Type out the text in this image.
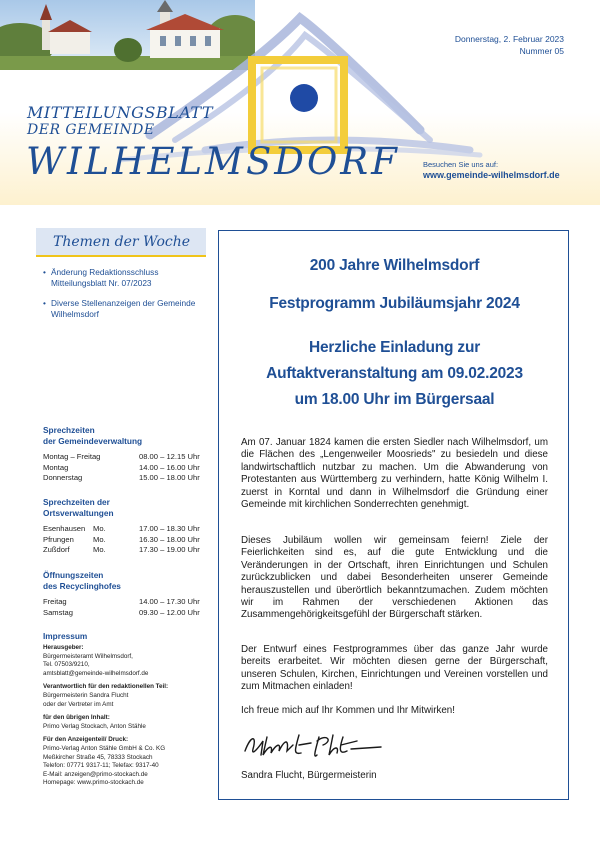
Donnerstag, 2. Februar 2023
Nummer 05
MITTEILUNGSBLATT
DER GEMEINDE
WILHELMSDORF	Besuchen Sie uns auf:
www.gemeinde-wilhelmsdorf.de
Themen der Woche
• Änderung Redaktionsschluss Mitteilungsblatt Nr. 07/2023
• Diverse Stellenanzeigen der Gemeinde Wilhelmsdorf
Sprechzeiten
der Gemeindeverwaltung
Montag – Freitag	08.00 – 12.15 Uhr
Montag	14.00 – 16.00 Uhr
Donnerstag	15.00 – 18.00 Uhr
Sprechzeiten der
Ortsverwaltungen
Esenhausen	Mo.	17.00 – 18.30 Uhr
Pfrungen	Mo.	16.30 – 18.00 Uhr
Zußdorf	Mo.	17.30 – 19.00 Uhr
Öffnungszeiten
des Recyclinghofes
Freitag	14.00 – 17.30 Uhr
Samstag	09.30 – 12.00 Uhr
Impressum
Herausgeber:
Bürgermeisteramt Wilhelmsdorf,
Tel. 07503/9210,
amtsblatt@gemeinde-wilhelmsdorf.de
Verantwortlich für den redaktionellen Teil:
Bürgermeisterin Sandra Flucht
oder der Vertreter im Amt
für den übrigen Inhalt:
Primo Verlag Stockach, Anton Stähle
Für den Anzeigenteil/ Druck:
Primo-Verlag Anton Stähle GmbH & Co. KG
Meßkircher Straße 45, 78333 Stockach
Telefon: 07771 9317-11; Telefax: 9317-40
E-Mail: anzeigen@primo-stockach.de
Homepage: www.primo-stockach.de
200 Jahre Wilhelmsdorf
Festprogramm Jubiläumsjahr 2024
Herzliche Einladung zur
Auftaktveranstaltung am 09.02.2023
um 18.00 Uhr im Bürgersaal
Am 07. Januar 1824 kamen die ersten Siedler nach Wilhelmsdorf, um die Flächen des „Lengenweiler Moosrieds" zu besiedeln und diese landwirtschaftlich nutzbar zu machen. Um die Abwanderung von Protestanten aus Württemberg zu verhindern, hatte König Wilhelm I. zuerst in Korntal und dann in Wilhelmsdorf die Gründung einer Gemeinde mit kirchlichen Sonderrechten genehmigt.
Dieses Jubiläum wollen wir gemeinsam feiern! Ziele der Feierlichkeiten sind es, auf die gute Entwicklung und die Veränderungen in der Ortschaft, ihren Einrichtungen und Schulen zurückzublicken und dabei Besonderheiten unserer Gemeinde herauszustellen und überörtlich bekanntzumachen. Zudem möchten wir im Rahmen der verschiedenen Aktionen das Zusammengehörigkeitsgefühl der Bürgerschaft stärken.
Der Entwurf eines Festprogrammes über das ganze Jahr wurde bereits erarbeitet. Wir möchten diesen gerne der Bürgerschaft, unseren Schulen, Kirchen, Einrichtungen und Vereinen vorstellen und zum Mitmachen einladen!
Ich freue mich auf Ihr Kommen und Ihr Mitwirken!
Sandra Flucht, Bürgermeisterin
